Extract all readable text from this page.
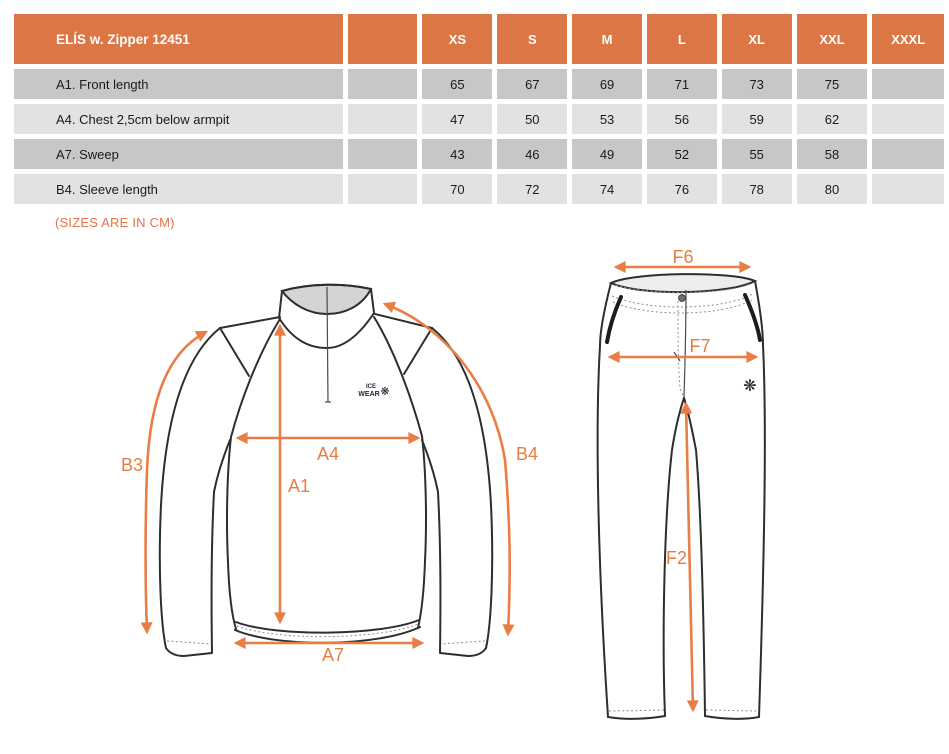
ELÍS w. Zipper 12451		XS	S	M	L	XL	XXL	XXXL
A1. Front length		65	67	69	71	73	75	
A4. Chest 2,5cm below armpit		47	50	53	56	59	62	
A7. Sweep		43	46	49	52	55	58	
B4. Sleeve length		70	72	74	76	78	80	
(SIZES ARE IN CM)
ICE
WEAR ❋
B3
A4
A1
B4
A7
❋
F6
F7
F2
